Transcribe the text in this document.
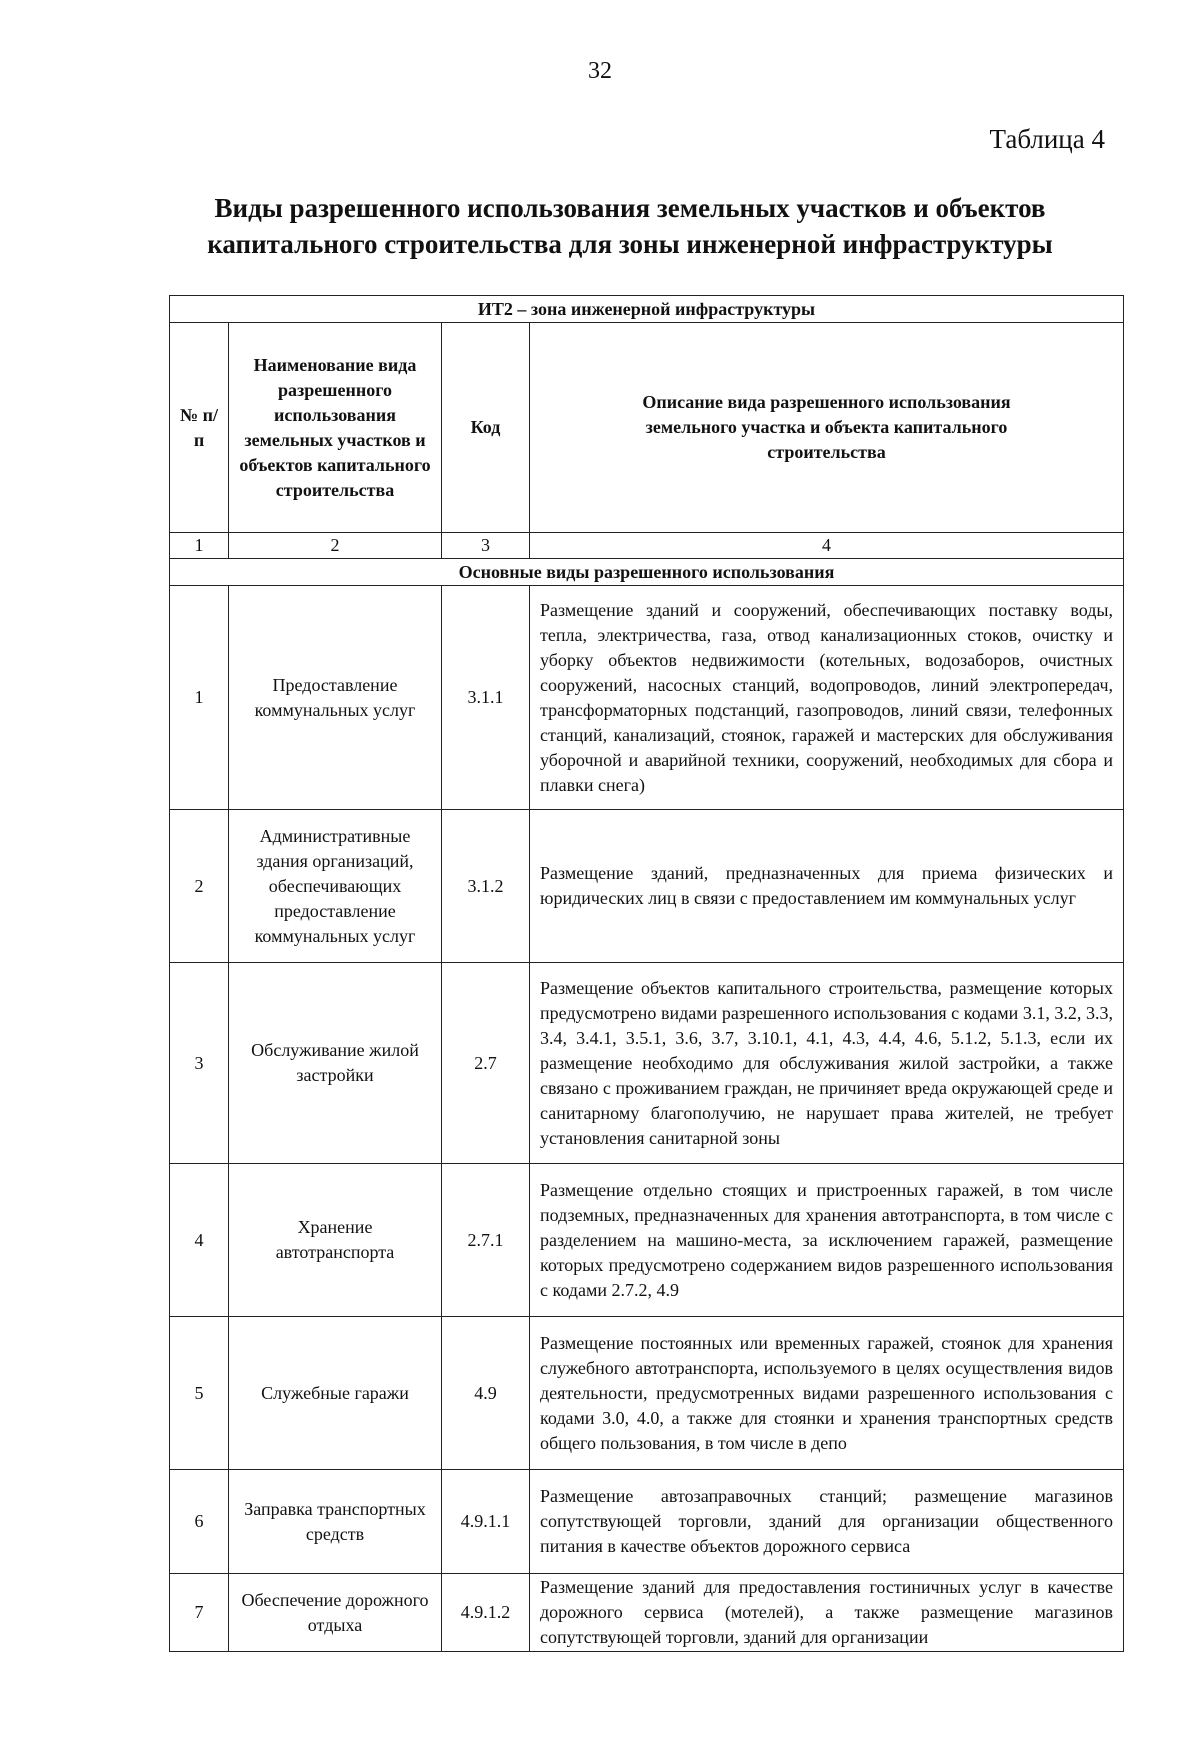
32
Таблица 4
Виды разрешенного использования земельных участков и объектов
капитального строительства для зоны инженерной инфраструктуры
ИТ2 – зона инженерной инфраструктуры			
№ п/п	Наименование вида разрешенного использования земельных участков и объектов капитального строительства	Код	Описание вида разрешенного использования земельного участка и объекта капитального строительства
1	2	3	4
Основные виды разрешенного использования			
1	Предоставление коммунальных услуг	3.1.1	Размещение зданий и сооружений, обеспечивающих поставку воды, тепла, электричества, газа, отвод канализационных стоков, очистку и уборку объектов недвижимости (котельных, водозаборов, очистных сооружений, насосных станций, водопроводов, линий электропередач, трансформаторных подстанций, газопроводов, линий связи, телефонных станций, канализаций, стоянок, гаражей и мастерских для обслуживания уборочной и аварийной техники, сооружений, необходимых для сбора и плавки снега)
2	Административные здания организаций, обеспечивающих предоставление коммунальных услуг	3.1.2	Размещение зданий, предназначенных для приема физических и юридических лиц в связи с предоставлением им коммунальных услуг
3	Обслуживание жилой застройки	2.7	Размещение объектов капитального строительства, размещение которых предусмотрено видами разрешенного использования с кодами 3.1, 3.2, 3.3, 3.4, 3.4.1, 3.5.1, 3.6, 3.7, 3.10.1, 4.1, 4.3, 4.4, 4.6, 5.1.2, 5.1.3, если их размещение необходимо для обслуживания жилой застройки, а также связано с проживанием граждан, не причиняет вреда окружающей среде и санитарному благополучию, не нарушает права жителей, не требует установления санитарной зоны
4	Хранение автотранспорта	2.7.1	Размещение отдельно стоящих и пристроенных гаражей, в том числе подземных, предназначенных для хранения автотранспорта, в том числе с разделением на машино-места, за исключением гаражей, размещение которых предусмотрено содержанием видов разрешенного использования с кодами 2.7.2, 4.9
5	Служебные гаражи	4.9	Размещение постоянных или временных гаражей, стоянок для хранения служебного автотранспорта, используемого в целях осуществления видов деятельности, предусмотренных видами разрешенного использования с кодами 3.0, 4.0, а также для стоянки и хранения транспортных средств общего пользования, в том числе в депо
6	Заправка транспортных средств	4.9.1.1	Размещение автозаправочных станций; размещение магазинов сопутствующей торговли, зданий для организации общественного питания в качестве объектов дорожного сервиса
7	Обеспечение дорожного отдыха	4.9.1.2	Размещение зданий для предоставления гостиничных услуг в качестве дорожного сервиса (мотелей), а также размещение магазинов сопутствующей торговли, зданий для организации
